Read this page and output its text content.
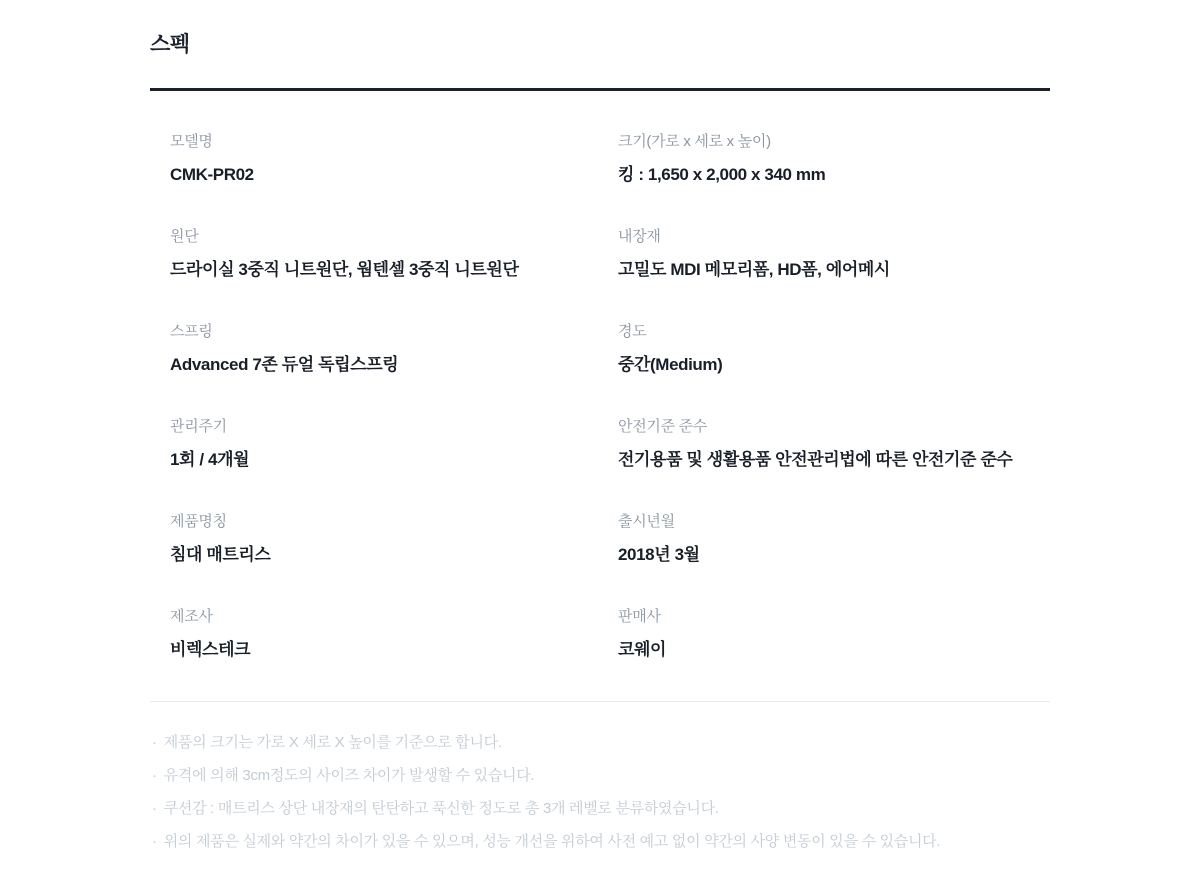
스펙
모델명
CMK-PR02
크기(가로 x 세로 x 높이)
킹 : 1,650 x 2,000 x 340 mm
원단
드라이실 3중직 니트원단, 웜텐셀 3중직 니트원단
내장재
고밀도 MDI 메모리폼, HD폼, 에어메시
스프링
Advanced 7존 듀얼 독립스프링
경도
중간(Medium)
관리주기
1회 / 4개월
안전기준 준수
전기용품 및 생활용품 안전관리법에 따른 안전기준 준수
제품명칭
침대 매트리스
출시년월
2018년 3월
제조사
비렉스테크
판매사
코웨이
· 제품의 크기는 가로 X 세로 X 높이를 기준으로 합니다.
· 유격에 의해 3cm정도의 사이즈 차이가 발생할 수 있습니다.
· 쿠션감 : 매트리스 상단 내장재의 탄탄하고 푹신한 정도로 총 3개 레벨로 분류하였습니다.
· 위의 제품은 실제와 약간의 차이가 있을 수 있으며, 성능 개선을 위하여 사전 예고 없이 약간의 사양 변동이 있을 수 있습니다.
